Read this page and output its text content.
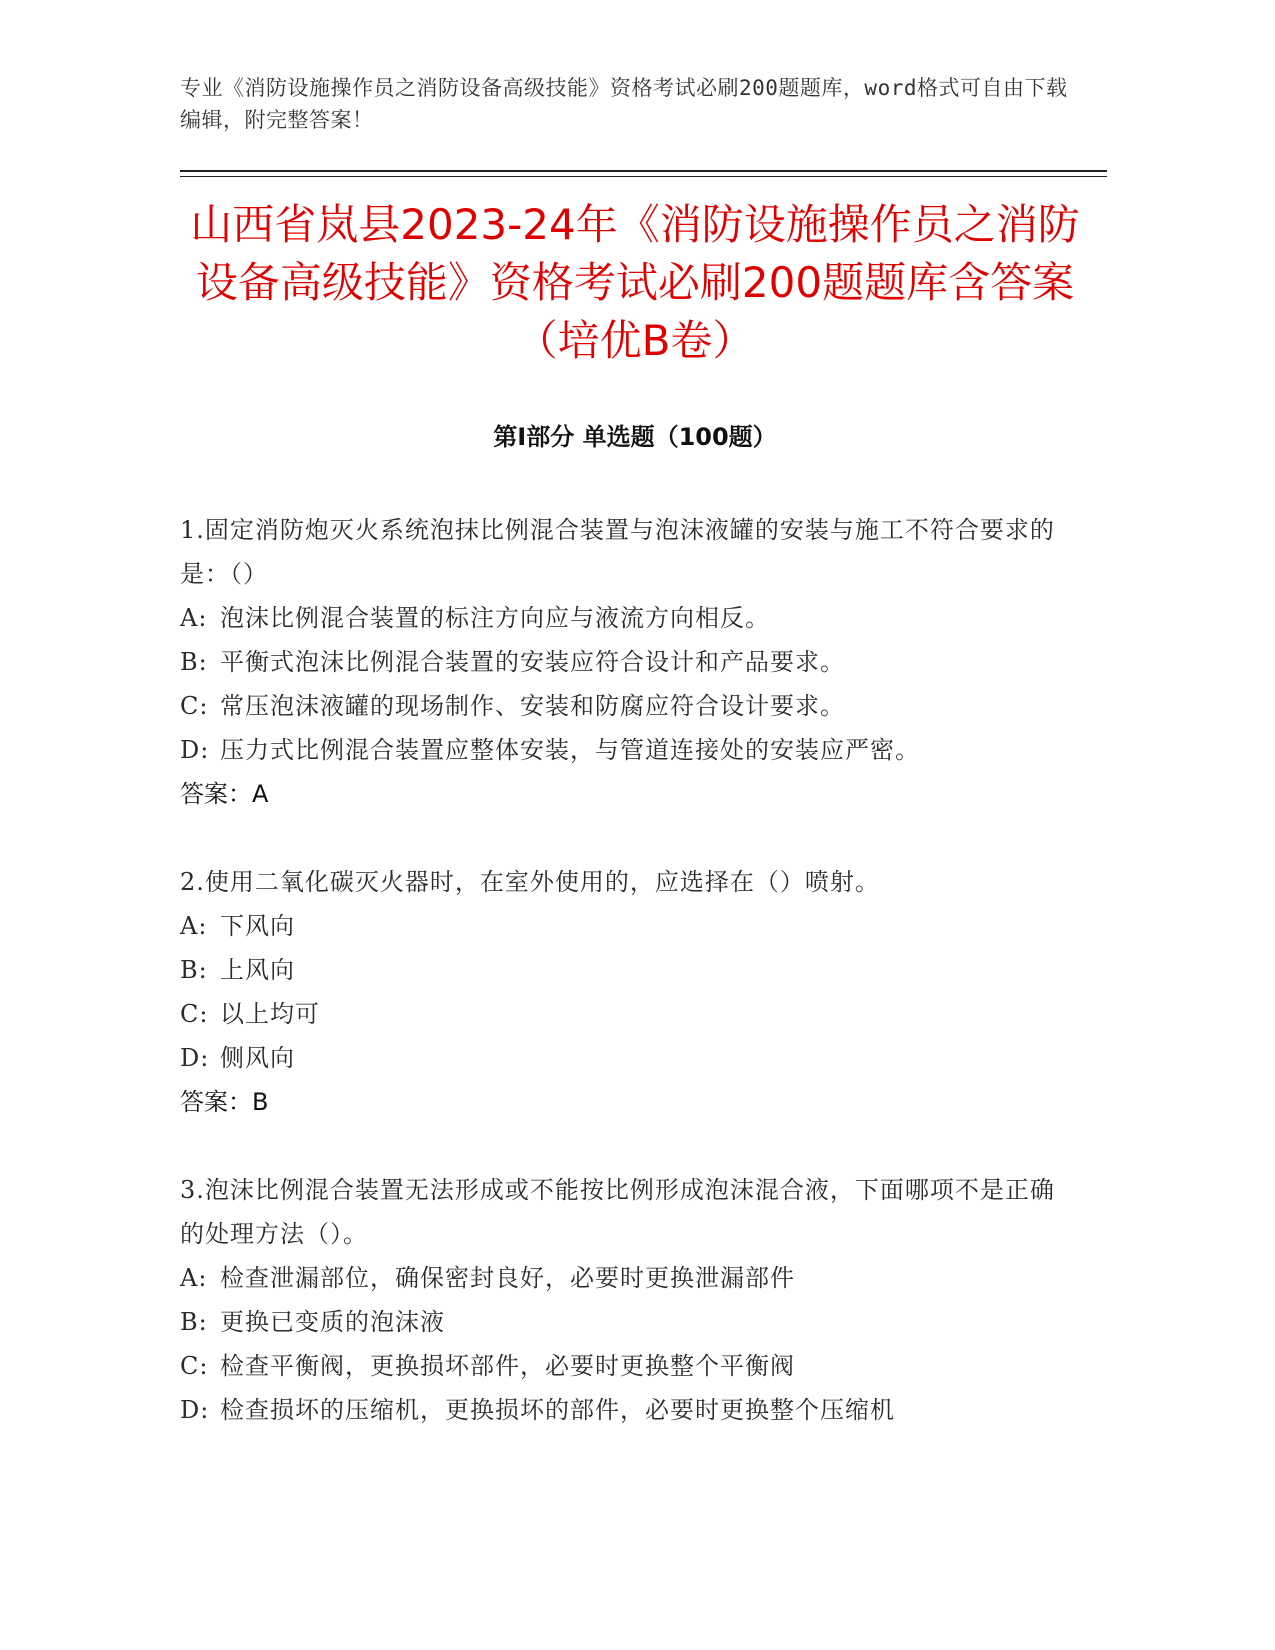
专业《消防设施操作员之消防设备高级技能》资格考试必刷200题题库，word格式可自由下载编辑，附完整答案！
山西省岚县2023-24年《消防设施操作员之消防设备高级技能》资格考试必刷200题题库含答案（培优B卷）
第I部分 单选题（100题）

1.固定消防炮灭火系统泡抹比例混合装置与泡沫液罐的安装与施工不符合要求的是：（）

A: 泡沫比例混合装置的标注方向应与液流方向相反。

B: 平衡式泡沫比例混合装置的安装应符合设计和产品要求。

C: 常压泡沫液罐的现场制作、安装和防腐应符合设计要求。

D: 压力式比例混合装置应整体安装，与管道连接处的安装应严密。

答案：A

2.使用二氧化碳灭火器时，在室外使用的，应选择在（）喷射。

A: 下风向

B: 上风向

C: 以上均可

D: 侧风向

答案：B

3.泡沫比例混合装置无法形成或不能按比例形成泡沫混合液，下面哪项不是正确的处理方法（）。

A: 检查泄漏部位，确保密封良好，必要时更换泄漏部件

B: 更换已变质的泡沫液

C: 检查平衡阀，更换损坏部件，必要时更换整个平衡阀

D: 检查损坏的压缩机，更换损坏的部件，必要时更换整个压缩机
